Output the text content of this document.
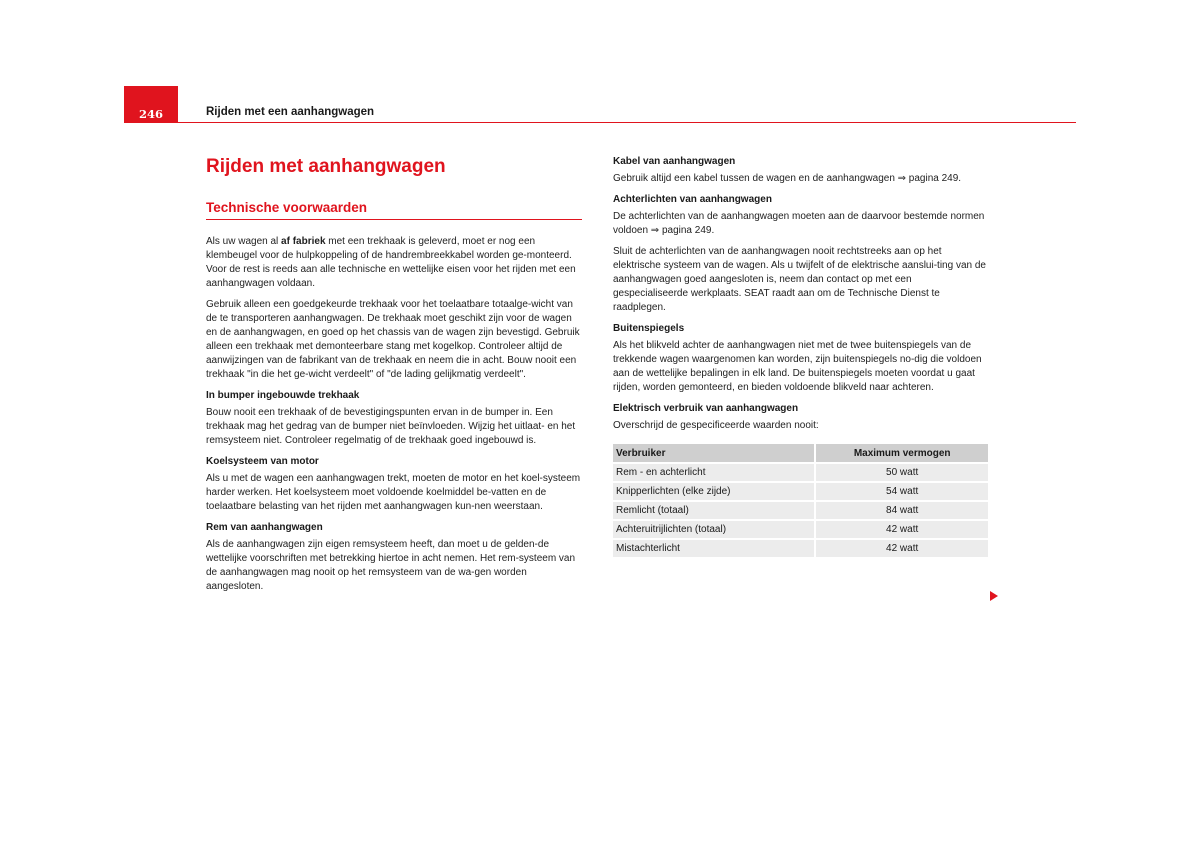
246	Rijden met een aanhangwagen
Rijden met aanhangwagen
Technische voorwaarden

Als uw wagen al af fabriek met een trekhaak is geleverd, moet er nog een klembeugel voor de hulpkoppeling of de handrembreekkabel worden ge-monteerd. Voor de rest is reeds aan alle technische en wettelijke eisen voor het rijden met een aanhangwagen voldaan.

Gebruik alleen een goedgekeurde trekhaak voor het toelaatbare totaalge-wicht van de te transporteren aanhangwagen. De trekhaak moet geschikt zijn voor de wagen en de aanhangwagen, en goed op het chassis van de wagen zijn bevestigd. Gebruik alleen een trekhaak met demonteerbare stang met kogelkop. Controleer altijd de aanwijzingen van de fabrikant van de trekhaak en neem die in acht. Bouw nooit een trekhaak "in die het ge-wicht verdeelt" of "de lading gelijkmatig verdeelt".

In bumper ingebouwde trekhaak

Bouw nooit een trekhaak of de bevestigingspunten ervan in de bumper in. Een trekhaak mag het gedrag van de bumper niet beïnvloeden. Wijzig het uitlaat- en het remsysteem niet. Controleer regelmatig of de trekhaak goed ingebouwd is.

Koelsysteem van motor

Als u met de wagen een aanhangwagen trekt, moeten de motor en het koel-systeem harder werken. Het koelsysteem moet voldoende koelmiddel be-vatten en de toelaatbare belasting van het rijden met aanhangwagen kun-nen weerstaan.

Rem van aanhangwagen

Als de aanhangwagen zijn eigen remsysteem heeft, dan moet u de gelden-de wettelijke voorschriften met betrekking hiertoe in acht nemen. Het rem-systeem van de aanhangwagen mag nooit op het remsysteem van de wa-gen worden aangesloten.

Kabel van aanhangwagen

Gebruik altijd een kabel tussen de wagen en de aanhangwagen ⇒ pagina 249.

Achterlichten van aanhangwagen

De achterlichten van de aanhangwagen moeten aan de daarvoor bestemde normen voldoen ⇒ pagina 249.

Sluit de achterlichten van de aanhangwagen nooit rechtstreeks aan op het elektrische systeem van de wagen. Als u twijfelt of de elektrische aanslui-ting van de aanhangwagen goed aangesloten is, neem dan contact op met een gespecialiseerde werkplaats. SEAT raadt aan om de Technische Dienst te raadplegen.

Buitenspiegels

Als het blikveld achter de aanhangwagen niet met de twee buitenspiegels van de trekkende wagen waargenomen kan worden, zijn buitenspiegels no-dig die voldoen aan de wettelijke bepalingen in elk land. De buitenspiegels moeten voordat u gaat rijden, worden gemonteerd, en bieden voldoende blikveld naar achteren.

Elektrisch verbruik van aanhangwagen

Overschrijd de gespecificeerde waarden nooit:

Verbruiker	Maximum vermogen
Rem - en achterlicht	50 watt
Knipperlichten (elke zijde)	54 watt
Remlicht (totaal)	84 watt
Achteruitrijlichten (totaal)	42 watt
Mistachterlicht	42 watt
